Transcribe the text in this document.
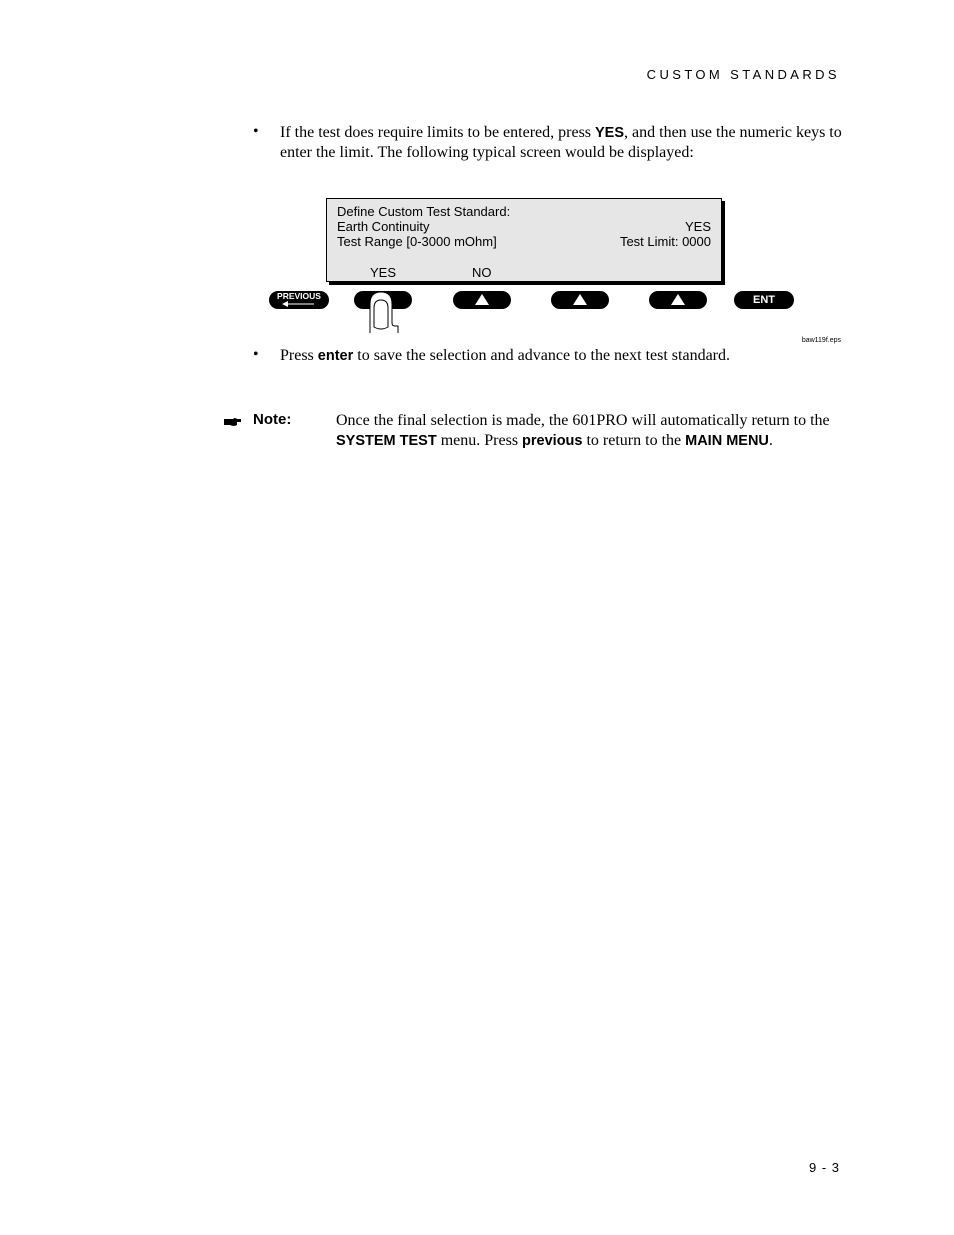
CUSTOM STANDARDS
• If the test does require limits to be entered, press YES, and then use the numeric keys to enter the limit. The following typical screen would be displayed:
Define Custom Test Standard:
Earth Continuity	YES
Test Range [0-3000 mOhm]	Test Limit: 0000
YES	NO
PREVIOUS	ENT
baw119f.eps
• Press enter to save the selection and advance to the next test standard.
Note:	Once the final selection is made, the 601PRO will automatically return to the SYSTEM TEST menu. Press previous to return to the MAIN MENU.
9 - 3
